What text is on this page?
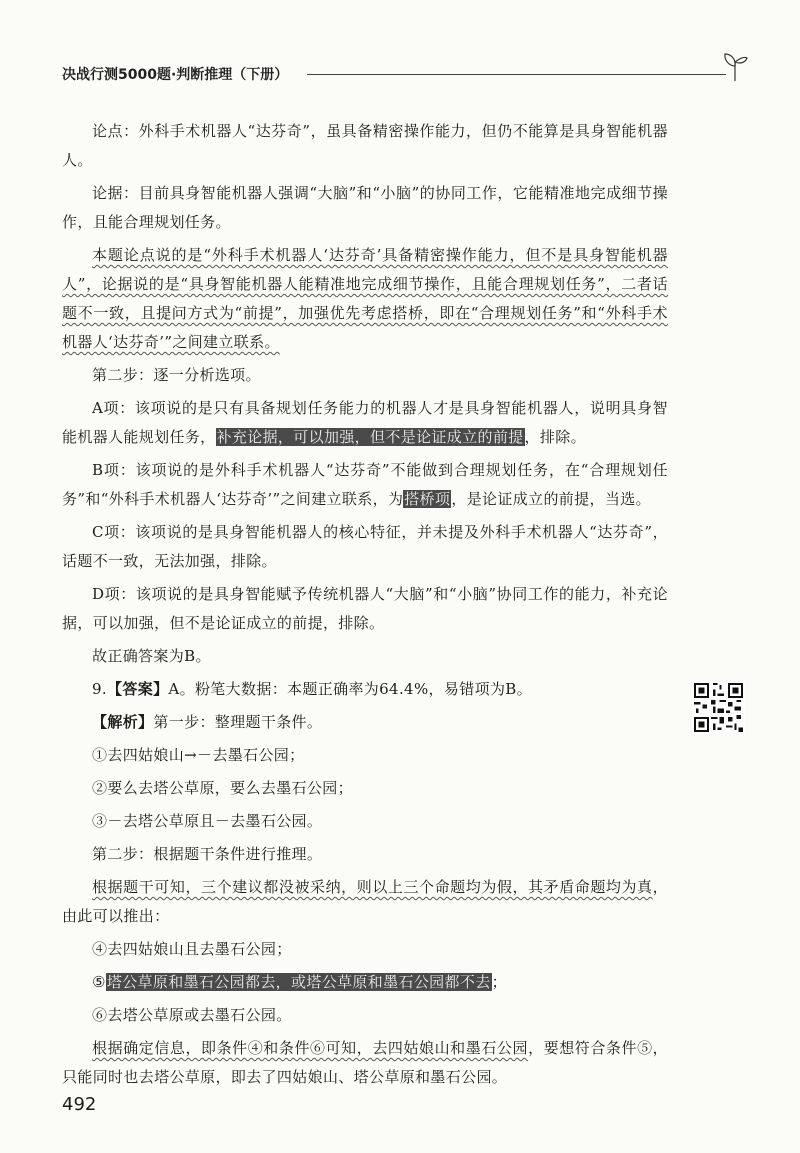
决战行测5000题·判断推理（下册）

论点：外科手术机器人“达芬奇”，虽具备精密操作能力，但仍不能算是具身智能机器人。

论据：目前具身智能机器人强调“大脑”和“小脑”的协同工作，它能精准地完成细节操作，且能合理规划任务。

本题论点说的是“外科手术机器人‘达芬奇’具备精密操作能力，但不是具身智能机器人”，论据说的是“具身智能机器人能精准地完成细节操作，且能合理规划任务”，二者话题不一致，且提问方式为“前提”，加强优先考虑搭桥，即在“合理规划任务”和“外科手术机器人‘达芬奇’”之间建立联系。

第二步：逐一分析选项。

A项：该项说的是只有具备规划任务能力的机器人才是具身智能机器人，说明具身智能机器人能规划任务，补充论据，可以加强，但不是论证成立的前提，排除。

B项：该项说的是外科手术机器人“达芬奇”不能做到合理规划任务，在“合理规划任务”和“外科手术机器人‘达芬奇’”之间建立联系，为搭桥项，是论证成立的前提，当选。

C项：该项说的是具身智能机器人的核心特征，并未提及外科手术机器人“达芬奇”，话题不一致，无法加强，排除。

D项：该项说的是具身智能赋予传统机器人“大脑”和“小脑”协同工作的能力，补充论据，可以加强，但不是论证成立的前提，排除。

故正确答案为B。

9.【答案】A。粉笔大数据：本题正确率为64.4%，易错项为B。

【解析】第一步：整理题干条件。

①去四姑娘山→－去墨石公园；

②要么去塔公草原，要么去墨石公园；

③－去塔公草原且－去墨石公园。

第二步：根据题干条件进行推理。

根据题干可知，三个建议都没被采纳，则以上三个命题均为假，其矛盾命题均为真，由此可以推出：

④去四姑娘山且去墨石公园；

⑤塔公草原和墨石公园都去，或塔公草原和墨石公园都不去；

⑥去塔公草原或去墨石公园。

根据确定信息，即条件④和条件⑥可知，去四姑娘山和墨石公园，要想符合条件⑤，只能同时也去塔公草原，即去了四姑娘山、塔公草原和墨石公园。

492
